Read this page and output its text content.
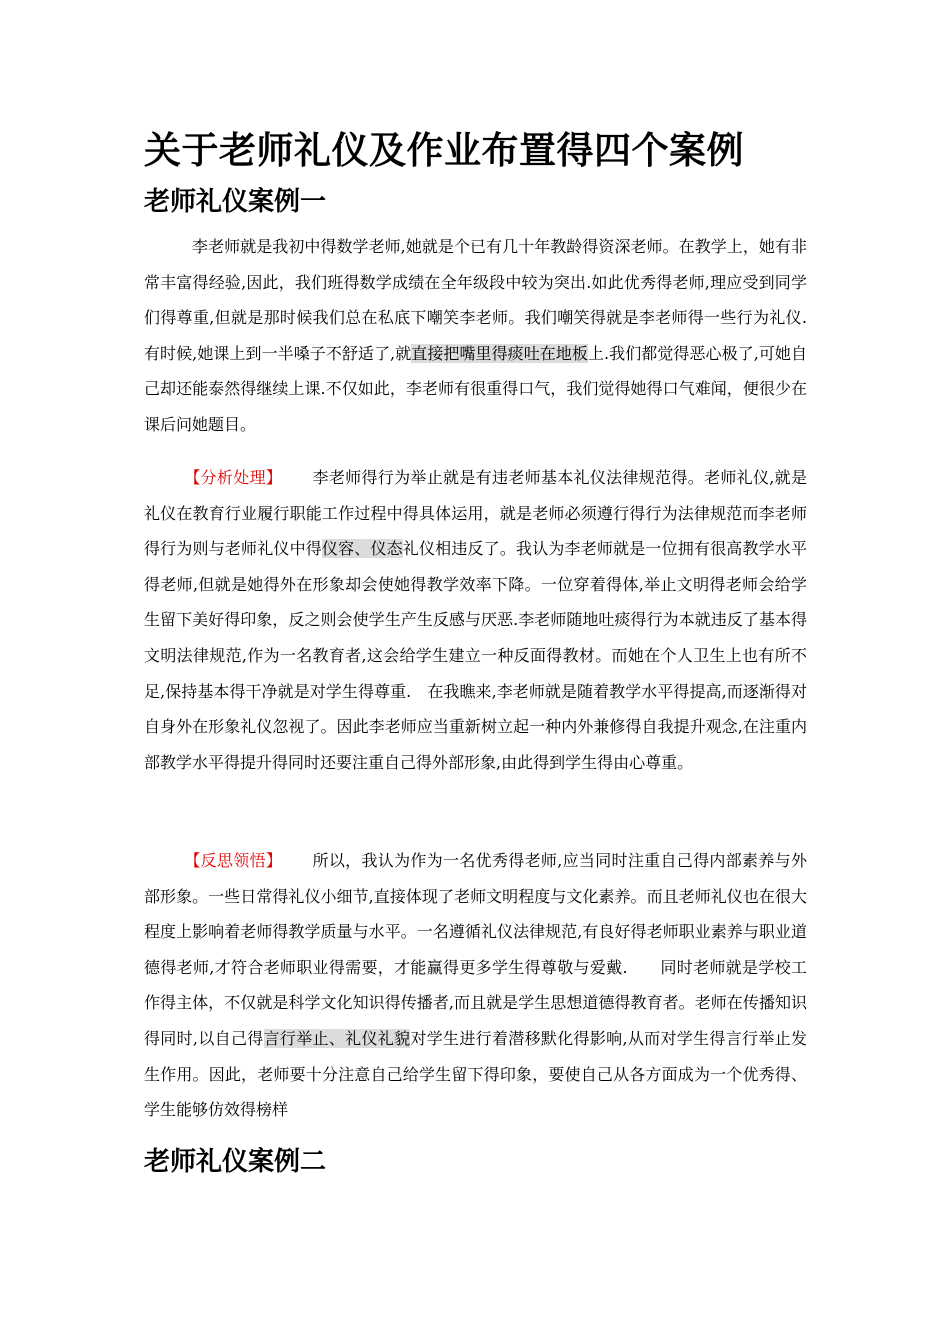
关于老师礼仪及作业布置得四个案例
老师礼仪案例一

李老师就是我初中得数学老师,她就是个已有几十年教龄得资深老师。在教学上，她有非常丰富得经验,因此，我们班得数学成绩在全年级段中较为突出.如此优秀得老师,理应受到同学们得尊重,但就是那时候我们总在私底下嘲笑李老师。我们嘲笑得就是李老师得一些行为礼仪.有时候,她课上到一半嗓子不舒适了,就直接把嘴里得痰吐在地板上.我们都觉得恶心极了,可她自己却还能泰然得继续上课.不仅如此，李老师有很重得口气，我们觉得她得口气难闻，便很少在课后问她题目。

【分析处理】 李老师得行为举止就是有违老师基本礼仪法律规范得。老师礼仪,就是礼仪在教育行业履行职能工作过程中得具体运用，就是老师必须遵行得行为法律规范而李老师得行为则与老师礼仪中得仪容、仪态礼仪相违反了。我认为李老师就是一位拥有很高教学水平得老师,但就是她得外在形象却会使她得教学效率下降。一位穿着得体,举止文明得老师会给学生留下美好得印象，反之则会使学生产生反感与厌恶.李老师随地吐痰得行为本就违反了基本得文明法律规范,作为一名教育者,这会给学生建立一种反面得教材。而她在个人卫生上也有所不足,保持基本得干净就是对学生得尊重.　在我瞧来,李老师就是随着教学水平得提高,而逐渐得对自身外在形象礼仪忽视了。因此李老师应当重新树立起一种内外兼修得自我提升观念,在注重内部教学水平得提升得同时还要注重自己得外部形象,由此得到学生得由心尊重。

【反思领悟】 所以，我认为作为一名优秀得老师,应当同时注重自己得内部素养与外部形象。一些日常得礼仪小细节,直接体现了老师文明程度与文化素养。而且老师礼仪也在很大程度上影响着老师得教学质量与水平。一名遵循礼仪法律规范,有良好得老师职业素养与职业道德得老师,才符合老师职业得需要，才能赢得更多学生得尊敬与爱戴.　　同时老师就是学校工作得主体，不仅就是科学文化知识得传播者,而且就是学生思想道德得教育者。老师在传播知识得同时,以自己得言行举止、礼仪礼貌对学生进行着潜移默化得影响,从而对学生得言行举止发生作用。因此，老师要十分注意自己给学生留下得印象，要使自己从各方面成为一个优秀得、学生能够仿效得榜样

老师礼仪案例二
